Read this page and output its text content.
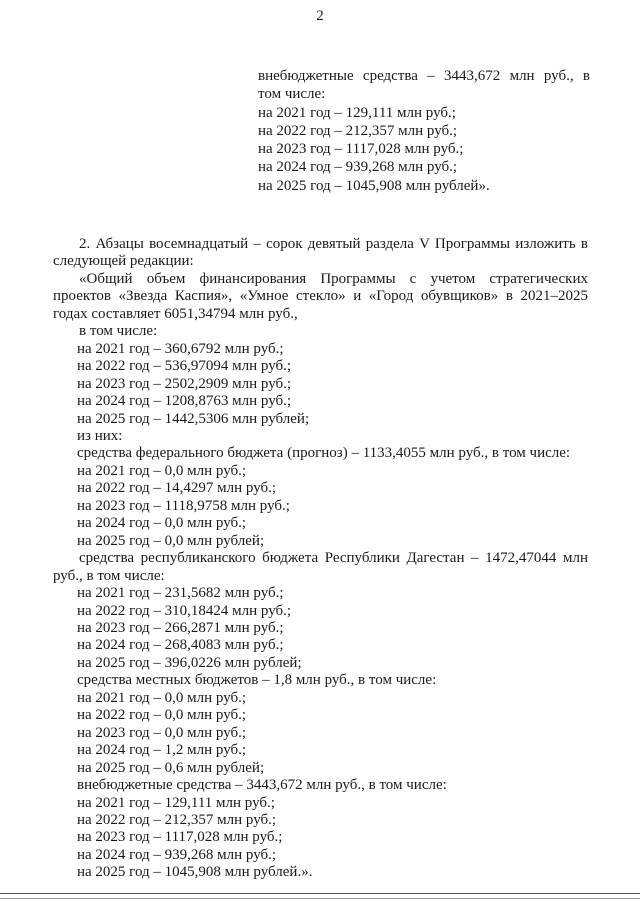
2
внебюджетные средства – 3443,672 млн руб., в
том числе:
на 2021 год – 129,111 млн руб.;
на 2022 год – 212,357 млн руб.;
на 2023 год – 1117,028 млн руб.;
на 2024 год – 939,268 млн руб.;
на 2025 год – 1045,908 млн рублей».
2. Абзацы восемнадцатый – сорок девятый раздела V Программы изложить в
следующей редакции:
«Общий объем финансирования Программы с учетом стратегических
проектов «Звезда Каспия», «Умное стекло» и «Город обувщиков» в 2021–2025
годах составляет 6051,34794 млн руб.,
в том числе:
на 2021 год – 360,6792 млн руб.;
на 2022 год – 536,97094 млн руб.;
на 2023 год – 2502,2909 млн руб.;
на 2024 год – 1208,8763 млн руб.;
на 2025 год – 1442,5306 млн рублей;
из них:
средства федерального бюджета (прогноз) – 1133,4055 млн руб., в том числе:
на 2021 год – 0,0 млн руб.;
на 2022 год – 14,4297 млн руб.;
на 2023 год – 1118,9758 млн руб.;
на 2024 год – 0,0 млн руб.;
на 2025 год – 0,0 млн рублей;
средства республиканского бюджета Республики Дагестан – 1472,47044 млн
руб., в том числе:
на 2021 год – 231,5682 млн руб.;
на 2022 год – 310,18424 млн руб.;
на 2023 год – 266,2871 млн руб.;
на 2024 год – 268,4083 млн руб.;
на 2025 год – 396,0226 млн рублей;
средства местных бюджетов – 1,8 млн руб., в том числе:
на 2021 год – 0,0 млн руб.;
на 2022 год – 0,0 млн руб.;
на 2023 год – 0,0 млн руб.;
на 2024 год – 1,2 млн руб.;
на 2025 год – 0,6 млн рублей;
внебюджетные средства – 3443,672 млн руб., в том числе:
на 2021 год – 129,111 млн руб.;
на 2022 год – 212,357 млн руб.;
на 2023 год – 1117,028 млн руб.;
на 2024 год – 939,268 млн руб.;
на 2025 год – 1045,908 млн рублей.».
